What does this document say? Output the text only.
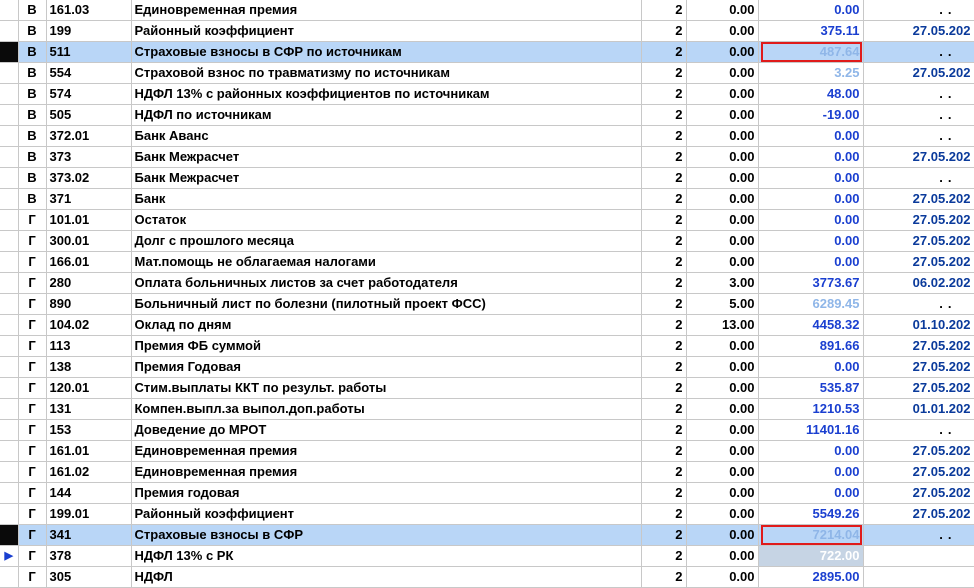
	В	161.03	Единовременная премия	2	0.00	0.00	..
	В	199	Районный коэффициент	2	0.00	375.11	27.05.202
	В	511	Страховые взносы в СФР по источникам	2	0.00	487.64	..
	В	554	Страховой взнос по травматизму по источникам	2	0.00	3.25	27.05.202
	В	574	НДФЛ 13% с районных коэффициентов по источникам	2	0.00	48.00	..
	В	505	НДФЛ по источникам	2	0.00	-19.00	..
	В	372.01	Банк Аванс	2	0.00	0.00	..
	В	373	Банк Межрасчет	2	0.00	0.00	27.05.202
	В	373.02	Банк Межрасчет	2	0.00	0.00	..
	В	371	Банк	2	0.00	0.00	27.05.202
	Г	101.01	Остаток	2	0.00	0.00	27.05.202
	Г	300.01	Долг с прошлого месяца	2	0.00	0.00	27.05.202
	Г	166.01	Мат.помощь не облагаемая налогами	2	0.00	0.00	27.05.202
	Г	280	Оплата больничных листов за счет работодателя	2	3.00	3773.67	06.02.202
	Г	890	Больничный лист по болезни (пилотный проект ФСС)	2	5.00	6289.45	..
	Г	104.02	Оклад по дням	2	13.00	4458.32	01.10.202
	Г	113	Премия ФБ суммой	2	0.00	891.66	27.05.202
	Г	138	Премия Годовая	2	0.00	0.00	27.05.202
	Г	120.01	Стим.выплаты ККТ по результ. работы	2	0.00	535.87	27.05.202
	Г	131	Компен.выпл.за выпол.доп.работы	2	0.00	1210.53	01.01.202
	Г	153	Доведение до МРОТ	2	0.00	11401.16	..
	Г	161.01	Единовременная премия	2	0.00	0.00	27.05.202
	Г	161.02	Единовременная премия	2	0.00	0.00	27.05.202
	Г	144	Премия годовая	2	0.00	0.00	27.05.202
	Г	199.01	Районный коэффициент	2	0.00	5549.26	27.05.202
	Г	341	Страховые взносы в СФР	2	0.00	7214.04	..
▶	Г	378	НДФЛ 13% с РК	2	0.00	722.00	
	Г	305	НДФЛ	2	0.00	2895.00	
